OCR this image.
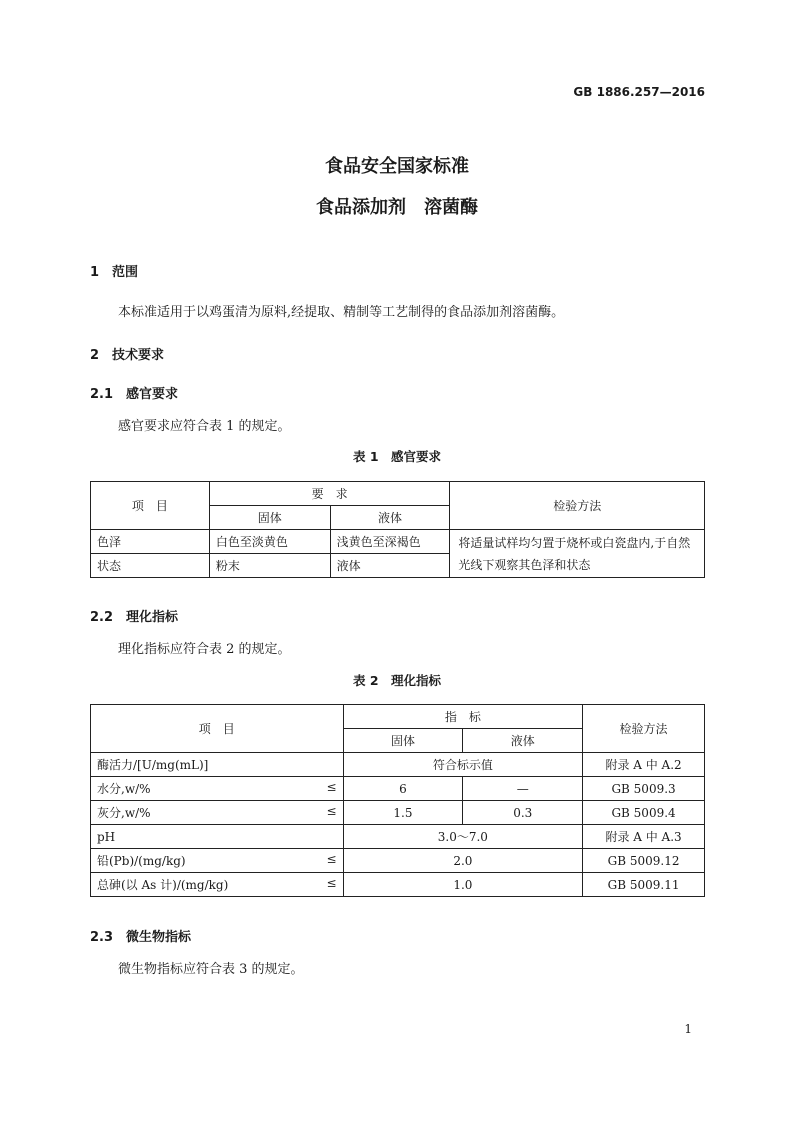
GB 1886.257—2016
食品安全国家标准
食品添加剂　溶菌酶
1　范围
本标准适用于以鸡蛋清为原料,经提取、精制等工艺制得的食品添加剂溶菌酶。
2　技术要求
2.1　感官要求
感官要求应符合表 1 的规定。
表 1　感官要求
项　目	要　求		检验方法
	固体	液体	
色泽	白色至淡黄色	浅黄色至深褐色	将适量试样均匀置于烧杯或白瓷盘内,于自然光线下观察其色泽和状态
状态	粉末	液体	
2.2　理化指标
理化指标应符合表 2 的规定。
表 2　理化指标
项　目	指　标		检验方法
	固体	液体	
酶活力/[U/mg(mL)]	符合标示值		附录 A 中 A.2
水分,w/% ≤	6	—	GB 5009.3
灰分,w/% ≤	1.5	0.3	GB 5009.4
pH	3.0～7.0		附录 A 中 A.3
铅(Pb)/(mg/kg) ≤	2.0		GB 5009.12
总砷(以 As 计)/(mg/kg) ≤	1.0		GB 5009.11
2.3　微生物指标
微生物指标应符合表 3 的规定。
1
